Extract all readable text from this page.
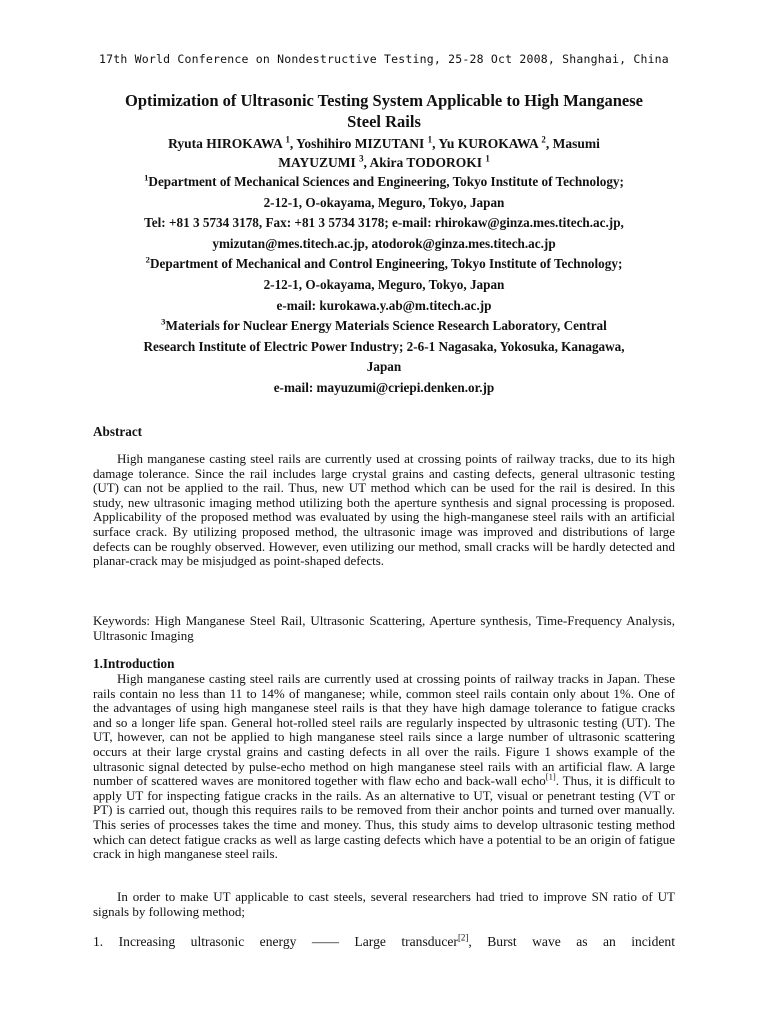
17th World Conference on Nondestructive Testing, 25-28 Oct 2008, Shanghai, China
Optimization of Ultrasonic Testing System Applicable to High Manganese
Steel Rails
Ryuta HIROKAWA $^1$, Yoshihiro MIZUTANI $^1$, Yu KUROKAWA $^2$, Masumi
MAYUZUMI $^3$, Akira TODOROKI $^1$
$^1$Department of Mechanical Sciences and Engineering, Tokyo Institute of Technology;
2-12-1, O-okayama, Meguro, Tokyo, Japan
Tel: +81 3 5734 3178, Fax: +81 3 5734 3178; e-mail: rhirokaw@ginza.mes.titech.ac.jp,
ymizutan@mes.titech.ac.jp, atodorok@ginza.mes.titech.ac.jp
$^2$Department of Mechanical and Control Engineering, Tokyo Institute of Technology;
2-12-1, O-okayama, Meguro, Tokyo, Japan
e-mail: kurokawa.y.ab@m.titech.ac.jp
$^3$Materials for Nuclear Energy Materials Science Research Laboratory, Central
Research Institute of Electric Power Industry; 2-6-1 Nagasaka, Yokosuka, Kanagawa,
Japan
e-mail: mayuzumi@criepi.denken.or.jp
Abstract

High manganese casting steel rails are currently used at crossing points of railway tracks, due to its high damage tolerance. Since the rail includes large crystal grains and casting defects, general ultrasonic testing (UT) can not be applied to the rail. Thus, new UT method which can be used for the rail is desired. In this study, new ultrasonic imaging method utilizing both the aperture synthesis and signal processing is proposed. Applicability of the proposed method was evaluated by using the high-manganese steel rails with an artificial surface crack. By utilizing proposed method, the ultrasonic image was improved and distributions of large defects can be roughly observed. However, even utilizing our method, small cracks will be hardly detected and planar-crack may be misjudged as point-shaped defects.

Keywords: High Manganese Steel Rail, Ultrasonic Scattering, Aperture synthesis, Time-Frequency Analysis, Ultrasonic Imaging

1.Introduction

High manganese casting steel rails are currently used at crossing points of railway tracks in Japan. These rails contain no less than 11 to 14% of manganese; while, common steel rails contain only about 1%. One of the advantages of using high manganese steel rails is that they have high damage tolerance to fatigue cracks and so a longer life span. General hot-rolled steel rails are regularly inspected by ultrasonic testing (UT). The UT, however, can not be applied to high manganese steel rails since a large number of ultrasonic scattering occurs at their large crystal grains and casting defects in all over the rails. Figure 1 shows example of the ultrasonic signal detected by pulse-echo method on high manganese steel rails with an artificial flaw. A large number of scattered waves are monitored together with flaw echo and back-wall echo[1]. Thus, it is difficult to apply UT for inspecting fatigue cracks in the rails. As an alternative to UT, visual or penetrant testing (VT or PT) is carried out, though this requires rails to be removed from their anchor points and turned over manually. This series of processes takes the time and money. Thus, this study aims to develop ultrasonic testing method which can detect fatigue cracks as well as large casting defects which have a potential to be an origin of fatigue crack in high manganese steel rails.

In order to make UT applicable to cast steels, several researchers had tried to improve SN ratio of UT signals by following method;

1. Increasing ultrasonic energy —— Large transducer[2], Burst wave as an incident
